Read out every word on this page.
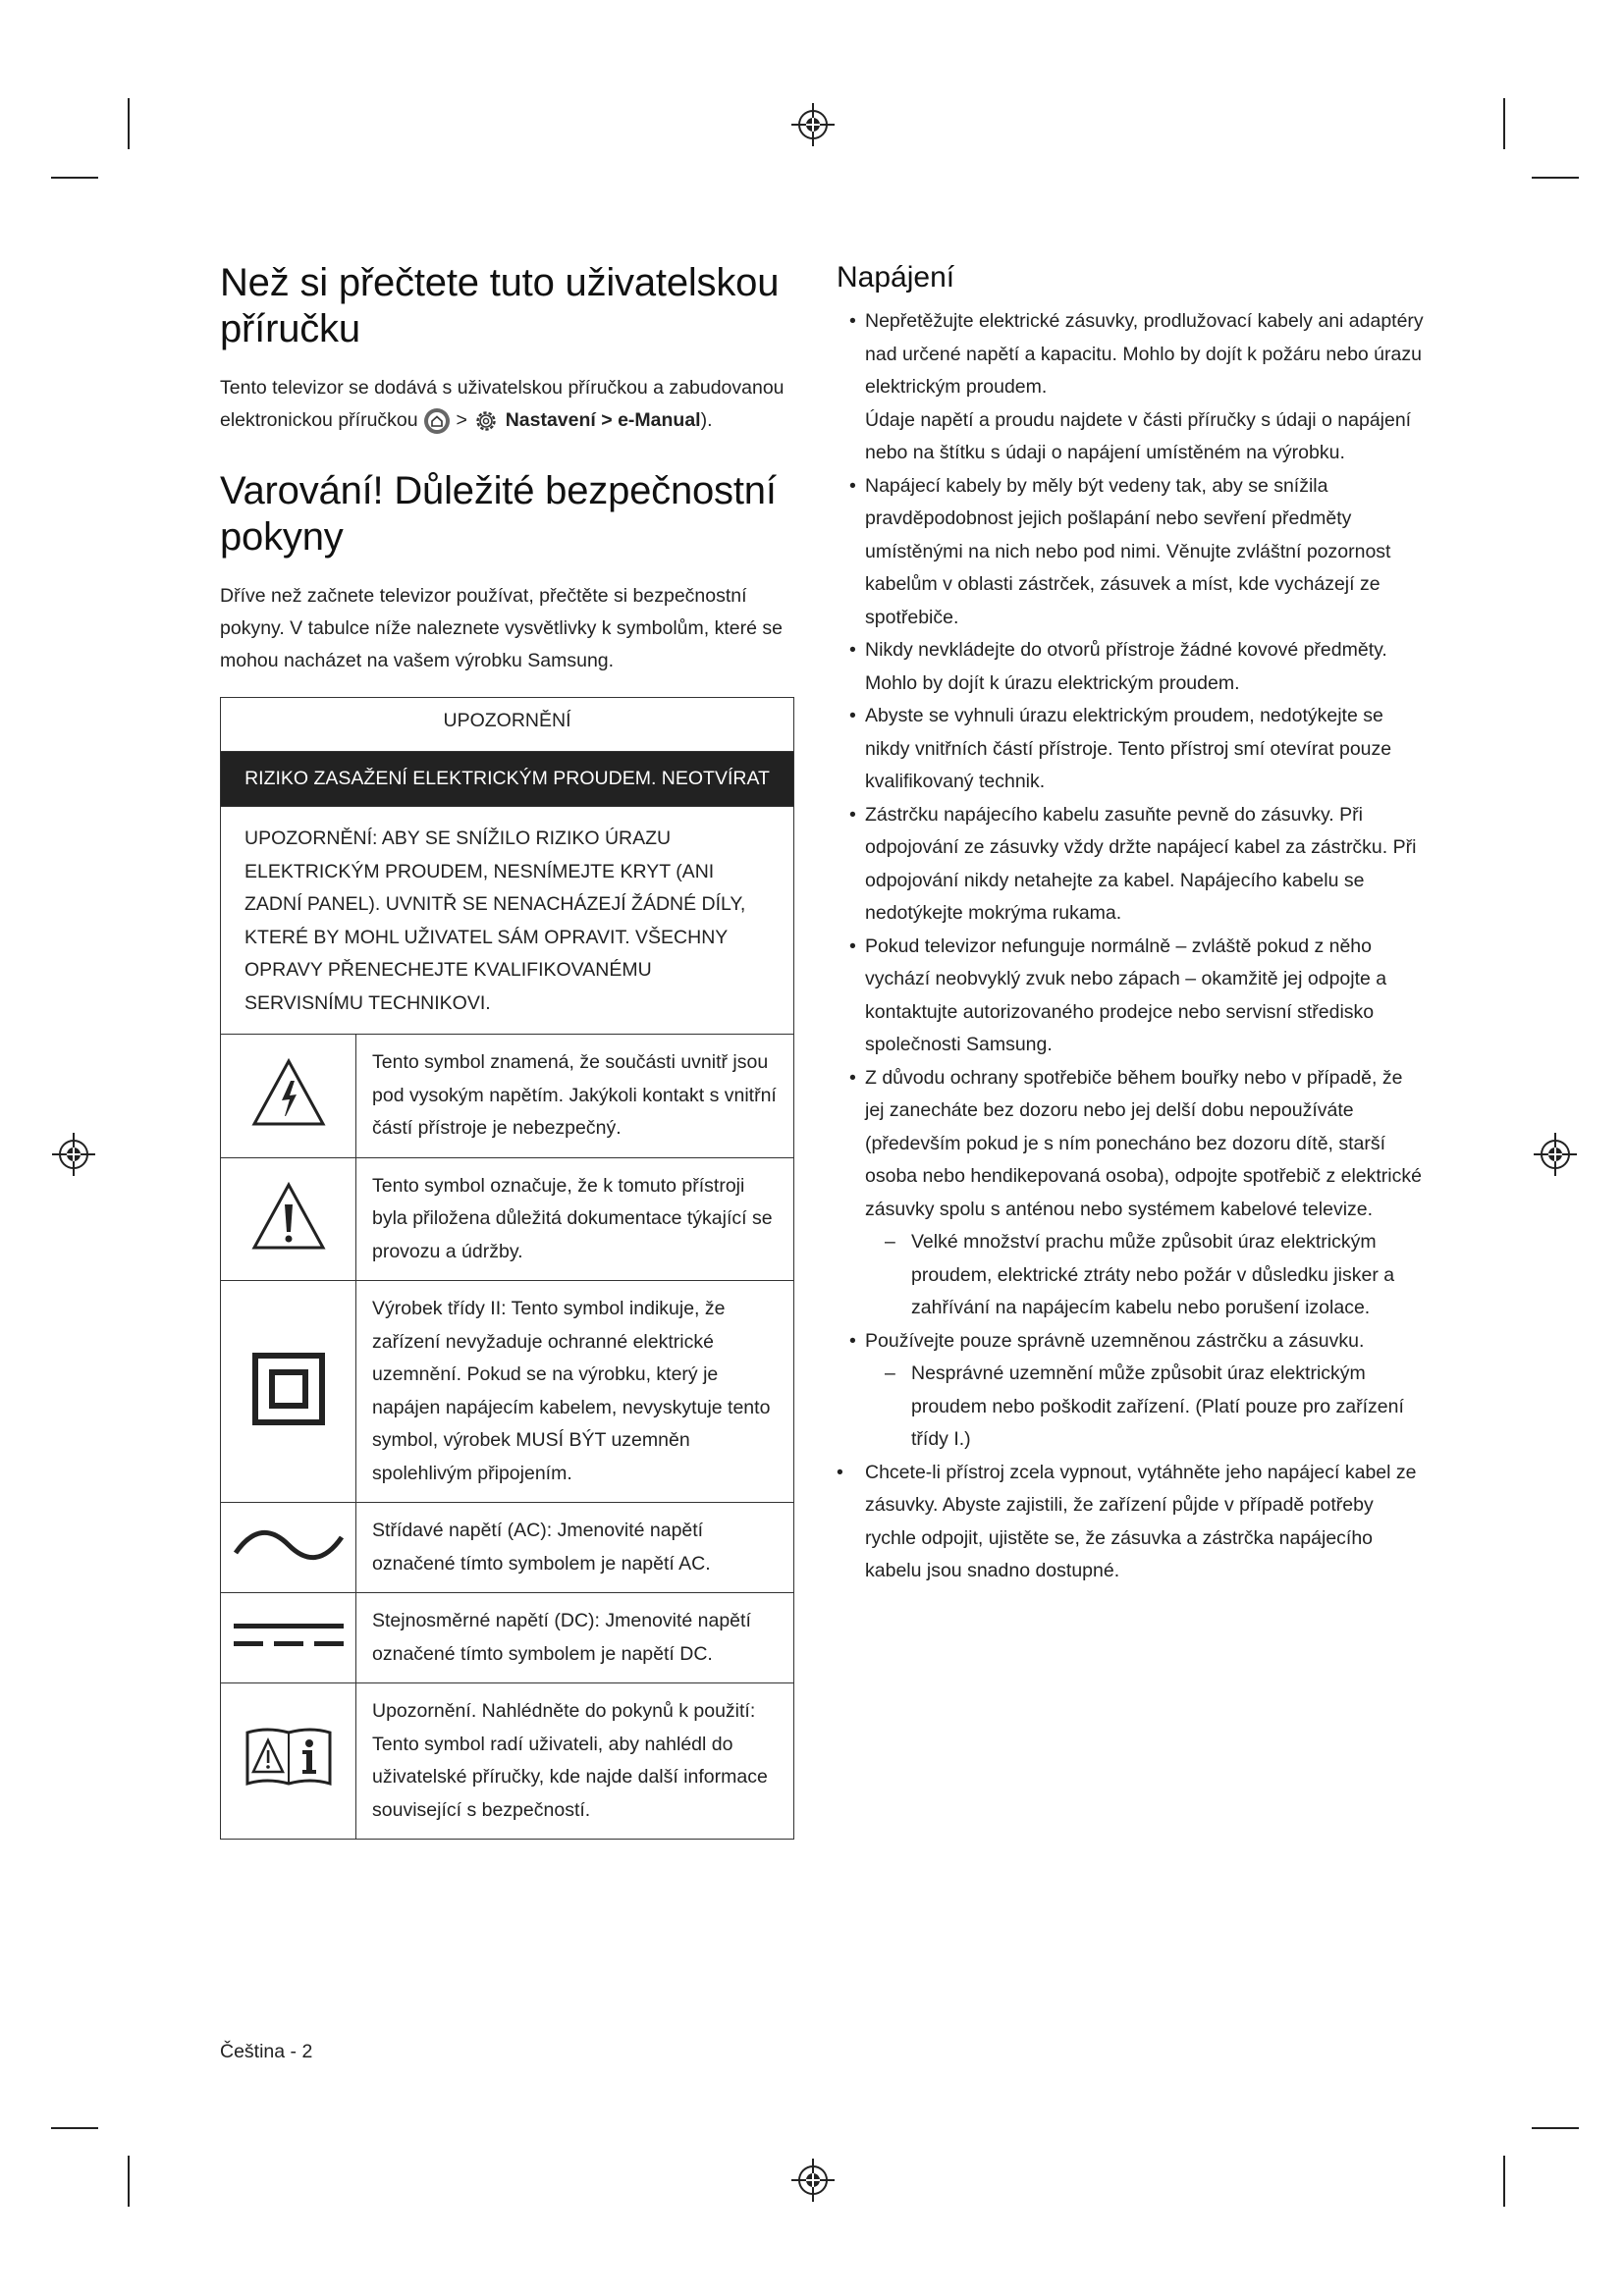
Než si přečtete tuto uživatelskou příručku

Tento televizor se dodává s uživatelskou příručkou a zabudovanou elektronickou příručkou > Nastavení > e-Manual).

Varování! Důležité bezpečnostní pokyny

Dříve než začnete televizor používat, přečtěte si bezpečnostní pokyny. V tabulce níže naleznete vysvětlivky k symbolům, které se mohou nacházet na vašem výrobku Samsung.

UPOZORNĚNÍ	
RIZIKO ZASAŽENÍ ELEKTRICKÝM PROUDEM. NEOTVÍRAT	
UPOZORNĚNÍ: ABY SE SNÍŽILO RIZIKO ÚRAZU ELEKTRICKÝM PROUDEM, NESNÍMEJTE KRYT (ANI ZADNÍ PANEL). UVNITŘ SE NENACHÁZEJÍ ŽÁDNÉ DÍLY, KTERÉ BY MOHL UŽIVATEL SÁM OPRAVIT. VŠECHNY OPRAVY PŘENECHEJTE KVALIFIKOVANÉMU SERVISNÍMU TECHNIKOVI.	
	Tento symbol znamená, že součásti uvnitř jsou pod vysokým napětím. Jakýkoli kontakt s vnitřní částí přístroje je nebezpečný.
	Tento symbol označuje, že k tomuto přístroji byla přiložena důležitá dokumentace týkající se provozu a údržby.
	Výrobek třídy II: Tento symbol indikuje, že zařízení nevyžaduje ochranné elektrické uzemnění. Pokud se na výrobku, který je napájen napájecím kabelem, nevyskytuje tento symbol, výrobek MUSÍ BÝT uzemněn spolehlivým připojením.
	Střídavé napětí (AC): Jmenovité napětí označené tímto symbolem je napětí AC.
	Stejnosměrné napětí (DC): Jmenovité napětí označené tímto symbolem je napětí DC.
	Upozornění. Nahlédněte do pokynů k použití: Tento symbol radí uživateli, aby nahlédl do uživatelské příručky, kde najde další informace související s bezpečností.
Napájení
• Nepřetěžujte elektrické zásuvky, prodlužovací kabely ani adaptéry nad určené napětí a kapacitu. Mohlo by dojít k požáru nebo úrazu elektrickým proudem.
Údaje napětí a proudu najdete v části příručky s údaji o napájení nebo na štítku s údaji o napájení umístěném na výrobku.
• Napájecí kabely by měly být vedeny tak, aby se snížila pravděpodobnost jejich pošlapání nebo sevření předměty umístěnými na nich nebo pod nimi. Věnujte zvláštní pozornost kabelům v oblasti zástrček, zásuvek a míst, kde vycházejí ze spotřebiče.
• Nikdy nevkládejte do otvorů přístroje žádné kovové předměty. Mohlo by dojít k úrazu elektrickým proudem.
• Abyste se vyhnuli úrazu elektrickým proudem, nedotýkejte se nikdy vnitřních částí přístroje. Tento přístroj smí otevírat pouze kvalifikovaný technik.
• Zástrčku napájecího kabelu zasuňte pevně do zásuvky. Při odpojování ze zásuvky vždy držte napájecí kabel za zástrčku. Při odpojování nikdy netahejte za kabel. Napájecího kabelu se nedotýkejte mokrýma rukama.
• Pokud televizor nefunguje normálně – zvláště pokud z něho vychází neobvyklý zvuk nebo zápach – okamžitě jej odpojte a kontaktujte autorizovaného prodejce nebo servisní středisko společnosti Samsung.
• Z důvodu ochrany spotřebiče během bouřky nebo v případě, že jej zanecháte bez dozoru nebo jej delší dobu nepoužíváte (především pokud je s ním ponecháno bez dozoru dítě, starší osoba nebo hendikepovaná osoba), odpojte spotřebič z elektrické zásuvky spolu s anténou nebo systémem kabelové televize.
– Velké množství prachu může způsobit úraz elektrickým proudem, elektrické ztráty nebo požár v důsledku jisker a zahřívání na napájecím kabelu nebo porušení izolace.
• Používejte pouze správně uzemněnou zástrčku a zásuvku.
– Nesprávné uzemnění může způsobit úraz elektrickým proudem nebo poškodit zařízení. (Platí pouze pro zařízení třídy I.)
• Chcete-li přístroj zcela vypnout, vytáhněte jeho napájecí kabel ze zásuvky. Abyste zajistili, že zařízení půjde v případě potřeby rychle odpojit, ujistěte se, že zásuvka a zástrčka napájecího kabelu jsou snadno dostupné.
Čeština - 2
